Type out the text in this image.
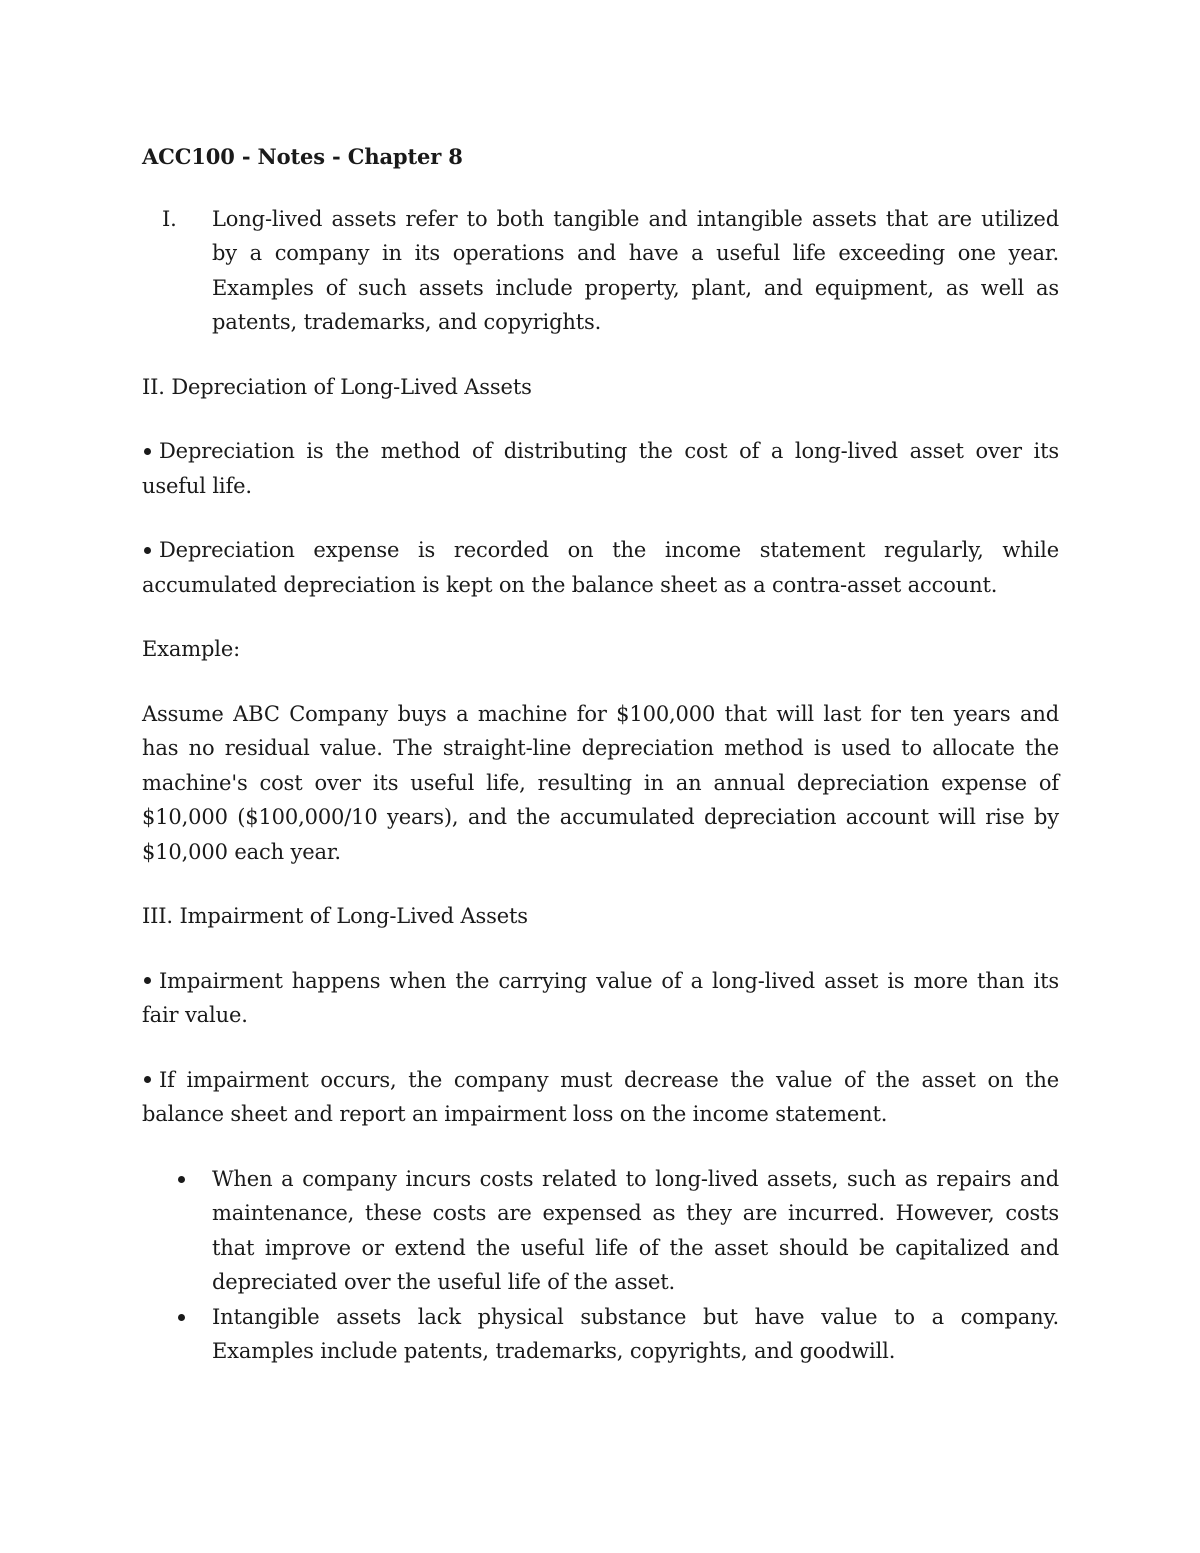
ACC100 - Notes - Chapter 8

I.	Long-lived assets refer to both tangible and intangible assets that are utilized by a company in its operations and have a useful life exceeding one year. Examples of such assets include property, plant, and equipment, as well as patents, trademarks, and copyrights.

II. Depreciation of Long-Lived Assets

Depreciation is the method of distributing the cost of a long-lived asset over its useful life.

Depreciation expense is recorded on the income statement regularly, while accumulated depreciation is kept on the balance sheet as a contra-asset account.

Example:

Assume ABC Company buys a machine for $100,000 that will last for ten years and has no residual value. The straight-line depreciation method is used to allocate the machine's cost over its useful life, resulting in an annual depreciation expense of $10,000 ($100,000/10 years), and the accumulated depreciation account will rise by $10,000 each year.

III. Impairment of Long-Lived Assets

Impairment happens when the carrying value of a long-lived asset is more than its fair value.

If impairment occurs, the company must decrease the value of the asset on the balance sheet and report an impairment loss on the income statement.

When a company incurs costs related to long-lived assets, such as repairs and maintenance, these costs are expensed as they are incurred. However, costs that improve or extend the useful life of the asset should be capitalized and depreciated over the useful life of the asset.
Intangible assets lack physical substance but have value to a company. Examples include patents, trademarks, copyrights, and goodwill.
